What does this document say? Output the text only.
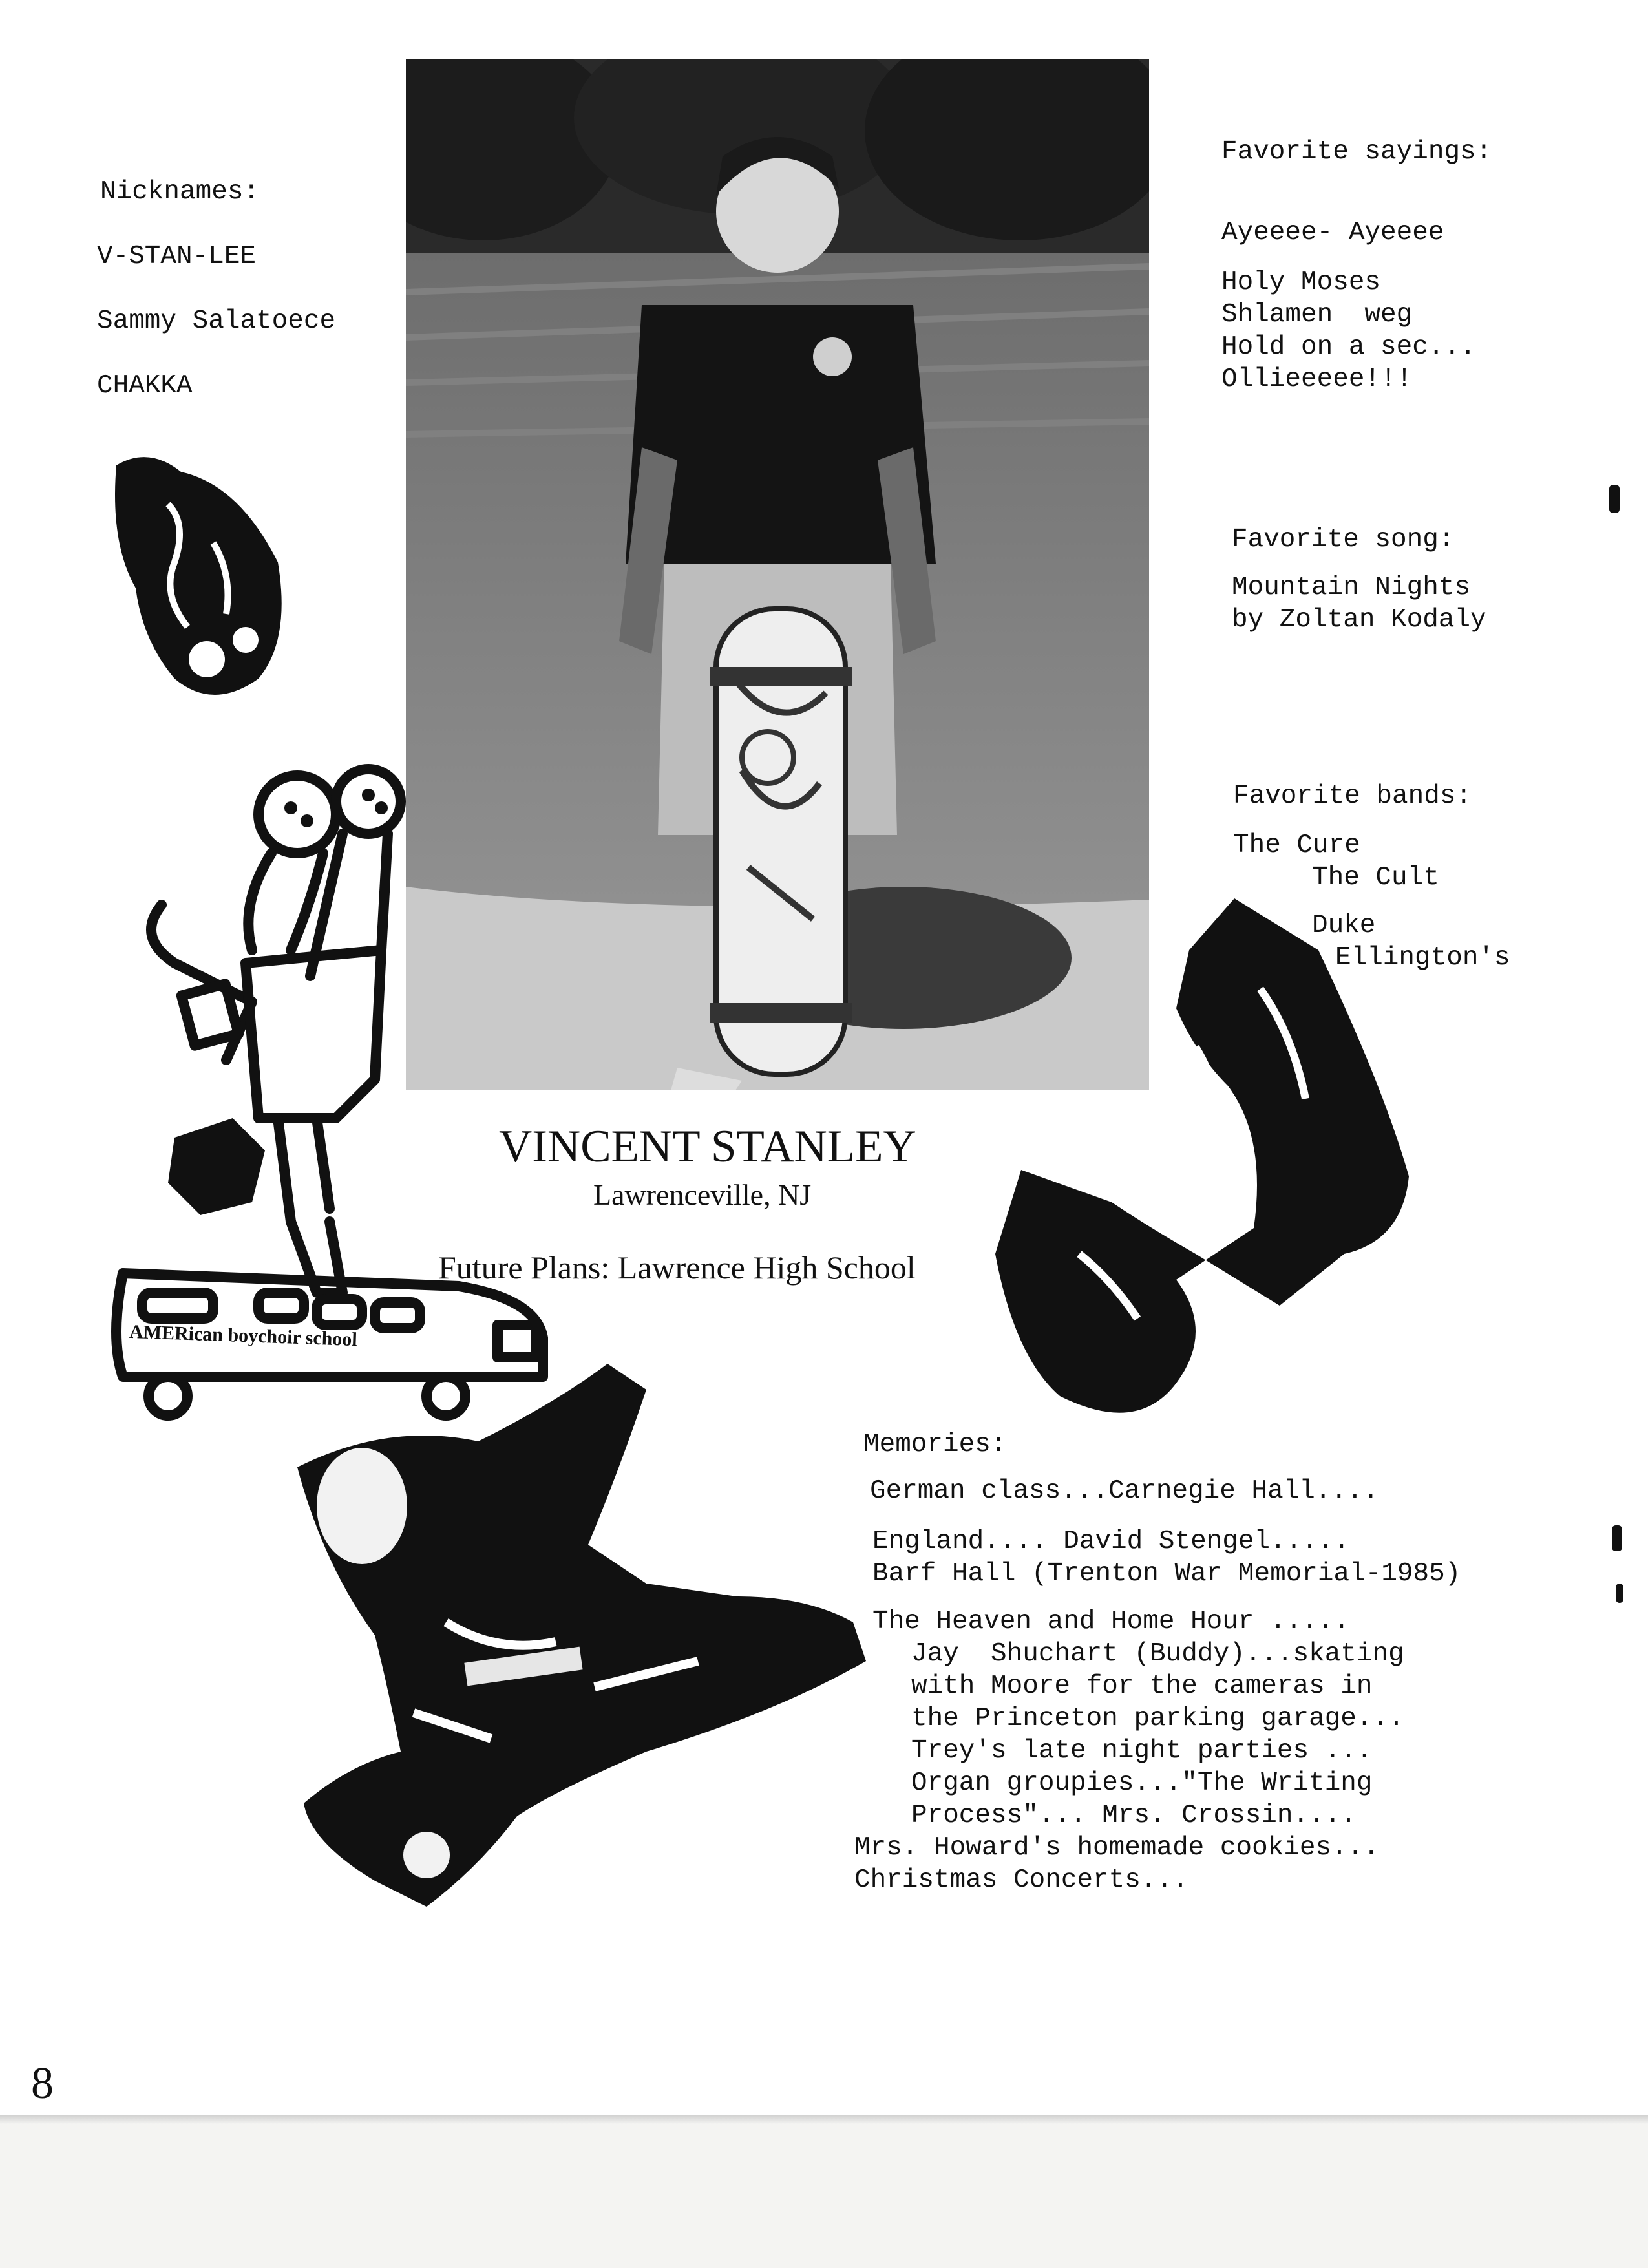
Nicknames:
V-STAN-LEE
Sammy Salatoece
CHAKKA
Favorite sayings:
Ayeeee- Ayeeee
Holy Moses
Shlamen  weg
Hold on a sec...
Ollieeeee!!!
Favorite song:
Mountain Nights
by Zoltan Kodaly
Favorite bands:
The Cure
The Cult
Duke
Ellington's
VINCENT STANLEY
Lawrenceville, NJ
Future Plans: Lawrence High School
Memories:
German class...Carnegie Hall....
England.... David Stengel.....
Barf Hall (Trenton War Memorial-1985)
The Heaven and Home Hour .....
Jay  Shuchart (Buddy)...skating
with Moore for the cameras in
the Princeton parking garage...
Trey's late night parties ...
Organ groupies..."The Writing
Process"... Mrs. Crossin....
Mrs. Howard's homemade cookies...
Christmas Concerts...
AMERican boychoir school
8
